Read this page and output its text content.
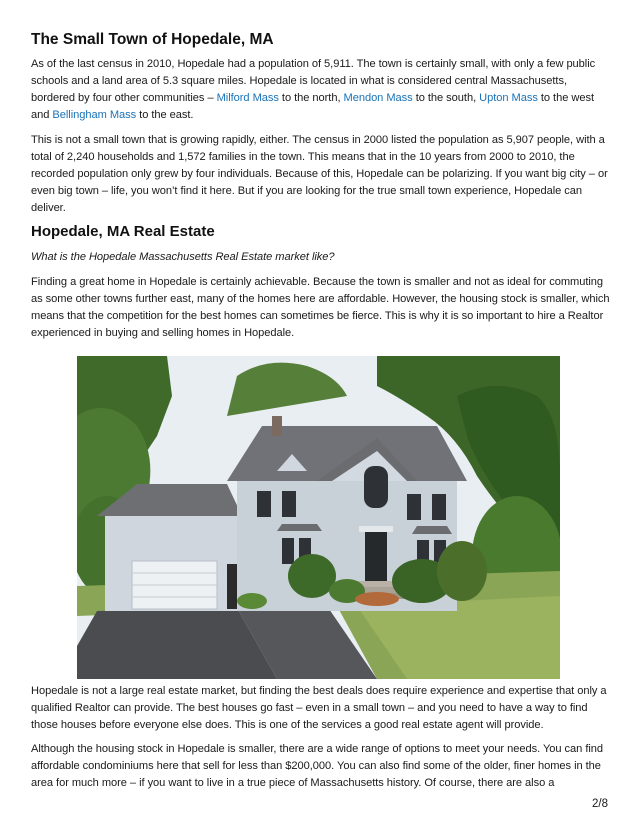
The Small Town of Hopedale, MA

As of the last census in 2010, Hopedale had a population of 5,911. The town is certainly small, with only a few public schools and a land area of 5.3 square miles. Hopedale is located in what is considered central Massachusetts, bordered by four other communities – Milford Mass to the north, Mendon Mass to the south, Upton Mass to the west and Bellingham Mass to the east.

This is not a small town that is growing rapidly, either. The census in 2000 listed the population as 5,907 people, with a total of 2,240 households and 1,572 families in the town. This means that in the 10 years from 2000 to 2010, the recorded population only grew by four individuals. Because of this, Hopedale can be polarizing. If you want big city – or even big town – life, you won’t find it here. But if you are looking for the true small town experience, Hopedale can deliver.

Hopedale, MA Real Estate

What is the Hopedale Massachusetts Real Estate market like?

Finding a great home in Hopedale is certainly achievable. Because the town is smaller and not as ideal for commuting as some other towns further east, many of the homes here are affordable. However, the housing stock is smaller, which means that the competition for the best homes can sometimes be fierce. This is why it is so important to hire a Realtor experienced in buying and selling homes in Hopedale.

Hopedale is not a large real estate market, but finding the best deals does require experience and expertise that only a qualified Realtor can provide. The best houses go fast – even in a small town – and you need to have a way to find those houses before everyone else does. This is one of the services a good real estate agent will provide.

Although the housing stock in Hopedale is smaller, there are a wide range of options to meet your needs. You can find affordable condominiums here that sell for less than $200,000. You can also find some of the older, finer homes in the area for much more – if you want to live in a true piece of Massachusetts history. Of course, there are also a

2/8
